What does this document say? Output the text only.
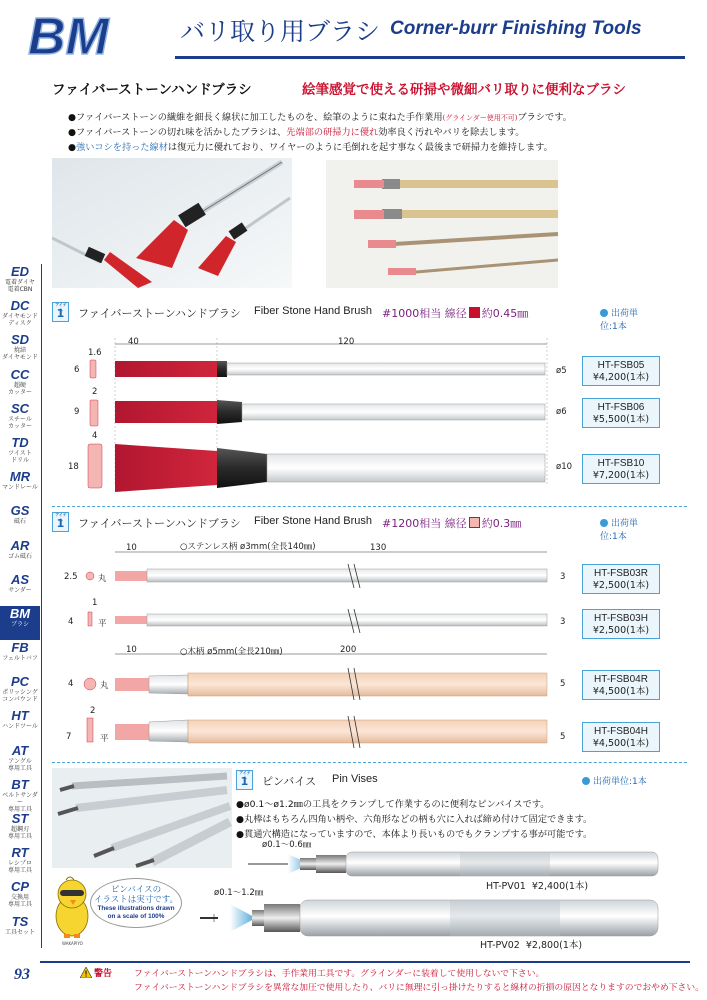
BM	バリ取り用ブラシ Corner-burr Finishing Tools
ED
電着ダイヤ
電着CBN
DC
ダイヤモンド
ディスク
SD
焼結
ダイヤモンド
CC
超硬
カッター
SC
スチール
カッター
TD
ツイスト
ドリル
MR
マンドレール
GS
砥石
AR
ゴム砥石
AS
サンダー
BM
ブラシ
FB
フェルトバフ
PC
ポリッシング
コンパウンド
HT
ハンドツール
AT
アングル
専用工具
BT
ベルトサンダー
専用工具
ST
超鋼刃
専用工具
RT
レシプロ
専用工具
CP
交換用
専用工具
TS
工具セット
ファイバーストーンハンドブラシ	絵筆感覚で使える研掃や微細バリ取りに便利なブラシ
●ファイバーストーンの繊維を細長く線状に加工したものを、絵筆のように束ねた手作業用(グラインダー使用不可)ブラシです。
●ファイバーストーンの切れ味を活かしたブラシは、先端部の研掃力に優れ効率良く汚れやバリを除去します。
●強いコシを持った線材は復元力に優れており、ワイヤーのように毛倒れを起す事なく最後まで研掃力を維持します。
アイテム 1	ファイバーストーンハンドブラシ Fiber Stone Hand Brush #1000相当 線径 約0.45㎜	出荷単位:1本
40	120
1.6
6	ø5	HT-FSB05
¥4,200(1本)
2
9	ø6	HT-FSB06
¥5,500(1本)
4
18	ø10	HT-FSB10
¥7,200(1本)
アイテム 1	ファイバーストーンハンドブラシ Fiber Stone Hand Brush #1200相当 線径 約0.3㎜	出荷単位:1本
○ステンレス柄 ø3mm(全長140㎜)
10	130
2.5 丸	3	HT-FSB03R
¥2,500(1本)
1
4	平	3	HT-FSB03H
¥2,500(1本)
○木柄 ø5mm(全長210㎜)
10	200
4	丸	5	HT-FSB04R
¥4,500(1本)
2
7	平	5	HT-FSB04H
¥4,500(1本)
アイテム 1	ピンバイス Pin Vises	出荷単位:1本
●ø0.1～ø1.2㎜の工具をクランプして作業するのに便利なピンバイスです。
●丸棒はもちろん四角い柄や、六角形などの柄も穴に入れば締め付けて固定できます。
●貫通穴構造になっていますので、本体より長いものでもクランプする事が可能です。
ø0.1～0.6㎜
HT-PV01 ¥2,400(1本)
ø0.1～1.2㎜
HT-PV02 ¥2,800(1本)
ピンバイスの
イラストは実寸です。
These illustrations drawn
on a scale of 100%
WAKAPIYO
93	警告 ファイバーストーンハンドブラシは、手作業用工具です。グラインダーに装着して使用しないで下さい。
ファイバーストーンハンドブラシを異常な加圧で使用したり、バリに無理に引っ掛けたりすると線材の折損の原因となりますのでおやめ下さい。
